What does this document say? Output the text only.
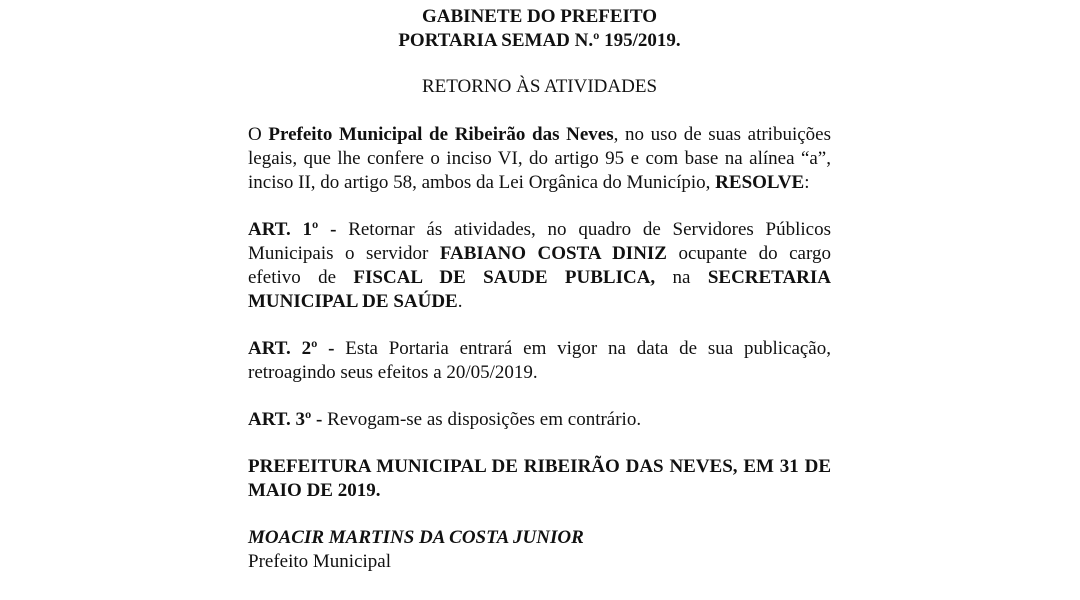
GABINETE DO PREFEITO
PORTARIA SEMAD N.º 195/2019.
RETORNO ÀS ATIVIDADES
O Prefeito Municipal de Ribeirão das Neves, no uso de suas atribuições legais, que lhe confere o inciso VI, do artigo 95 e com base na alínea “a”, inciso II, do artigo 58, ambos da Lei Orgânica do Município, RESOLVE:
ART. 1º - Retornar ás atividades, no quadro de Servidores Públicos Municipais o servidor FABIANO COSTA DINIZ ocupante do cargo efetivo de FISCAL DE SAUDE PUBLICA, na SECRETARIA MUNICIPAL DE SAÚDE.
ART. 2º - Esta Portaria entrará em vigor na data de sua publicação, retroagindo seus efeitos a 20/05/2019.
ART. 3º - Revogam-se as disposições em contrário.
PREFEITURA MUNICIPAL DE RIBEIRÃO DAS NEVES, EM 31 DE MAIO DE 2019.
MOACIR MARTINS DA COSTA JUNIOR
Prefeito Municipal
